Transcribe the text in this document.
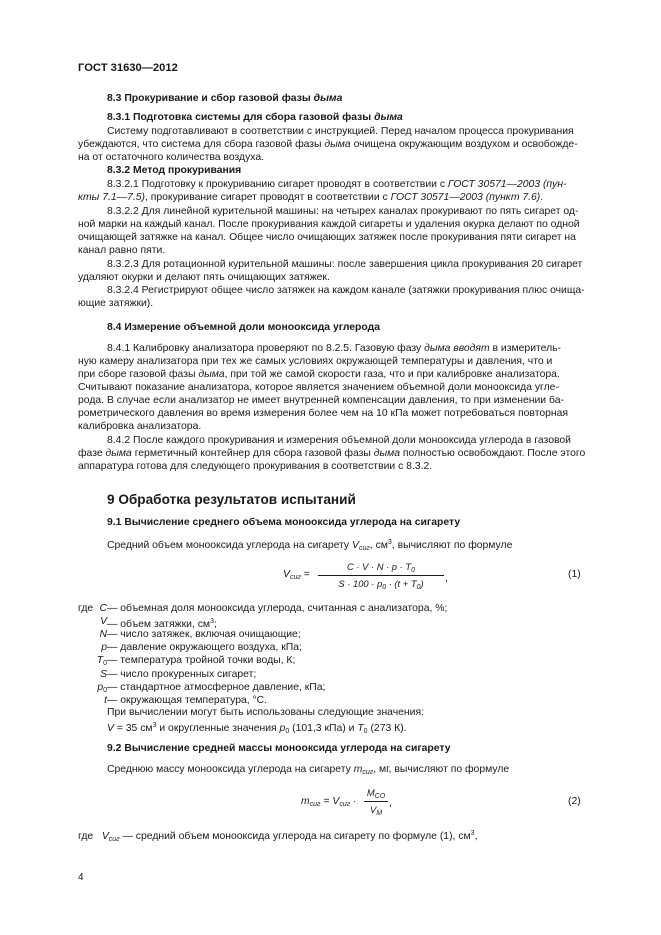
ГОСТ 31630—2012
8.3 Прокуривание и сбор газовой фазы дыма
8.3.1 Подготовка системы для сбора газовой фазы дыма
Систему подготавливают в соответствии с инструкцией. Перед началом процесса прокуривания
убеждаются, что система для сбора газовой фазы дыма очищена окружающим воздухом и освобожде-
на от остаточного количества воздуха.
8.3.2 Метод прокуривания
8.3.2.1 Подготовку к прокуриванию сигарет проводят в соответствии с ГОСТ 30571—2003 (пун-
кты 7.1—7.5), прокуривание сигарет проводят в соответствии с ГОСТ 30571—2003 (пункт 7.6).
8.3.2.2 Для линейной курительной машины: на четырех каналах прокуривают по пять сигарет од-
ной марки на каждый канал. После прокуривания каждой сигареты и удаления окурка делают по одной
очищающей затяжке на канал. Общее число очищающих затяжек после прокуривания пяти сигарет на
канал равно пяти.
8.3.2.3 Для ротационной курительной машины: после завершения цикла прокуривания 20 сигарет
удаляют окурки и делают пять очищающих затяжек.
8.3.2.4 Регистрируют общее число затяжек на каждом канале (затяжки прокуривания плюс очища-
ющие затяжки).
8.4 Измерение объемной доли монооксида углерода
8.4.1 Калибровку анализатора проверяют по 8.2.5. Газовую фазу дыма вводят в измеритель-
ную камеру анализатора при тех же самых условиях окружающей температуры и давления, что и
при сборе газовой фазы дыма, при той же самой скорости газа, что и при калибровке анализатора.
Считывают показание анализатора, которое является значением объемной доли монооксида угле-
рода. В случае если анализатор не имеет внутренней компенсации давления, то при изменении ба-
рометрического давления во время измерения более чем на 10 кПа может потребоваться повторная
калибровка анализатора.
8.4.2 После каждого прокуривания и измерения объемной доли монооксида углерода в газовой
фазе дыма герметичный контейнер для сбора газовой фазы дыма полностью освобождают. После этого
аппаратура готова для следующего прокуривания в соответствии с 8.3.2.
9 Обработка результатов испытаний
9.1 Вычисление среднего объема монооксида углерода на сигарету
Средний объем монооксида углерода на сигарету $V_{сиг}$, $см^3$, вычисляют по формуле
$V_{сиг}$ =
$C \cdot V \cdot N \cdot p \cdot T_0$
$S \cdot 100 \cdot p_0 \cdot (t + T_0)$	,	(1)
где C — объемная доля монооксида углерода, считанная с анализатора, %;
V — объем затяжки, $см^3$;
N — число затяжек, включая очищающие;
p — давление окружающего воздуха, кПа;
$T_0$ — температура тройной точки воды, К;
S — число прокуренных сигарет;
$p_0$ — стандартное атмосферное давление, кПа;
t — окружающая температура, °С.
При вычислении могут быть использованы следующие значения:
V = 35 $см^3$ и округленные значения $p_0$ (101,3 кПа) и $T_0$ (273 К).
9.2 Вычисление средней массы монооксида углерода на сигарету
Среднюю массу монооксида углерода на сигарету $m_{сиг}$, мг, вычисляют по формуле
$m_{сиг} = V_{сиг}$ ·
$M_{CO}$
$V_M$
,	(2)
где $V_{сиг}$ — средний объем монооксида углерода на сигарету по формуле (1), $см^3$,
4
